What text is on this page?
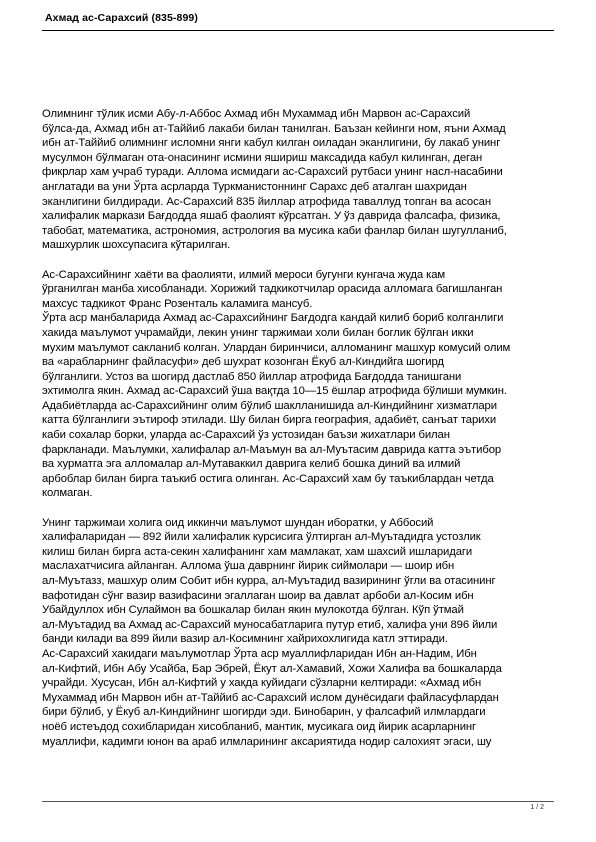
Ахмад ас-Сарахсий (835-899)
Олимнинг тўлик исми Абу-л-Аббос Ахмад ибн Мухаммад ибн Марвон ас-Сарахсий
бўлса-да, Ахмад ибн ат-Таййиб лакаби билан танилган. Баъзан кейинги ном, яъни Ахмад
ибн ат-Таййиб олимнинг исломни янги кабул килган оиладан эканлигини, бу лакаб унинг
мусулмон бўлмаган ота-онасининг исмини яшириш максадида кабул килинган, деган
фикрлар хам учраб туради. Алломa исмидаги ас-Сарахсий рутбаси унинг насл-насабини
англатади ва уни Ўрта асрларда Туркманистоннинг Сарахс деб аталган шахридан
эканлигини билдиради. Ас-Сарахсий 835 йиллар атрофида таваллуд топган ва асосан
халифалик маркази Бағдодда яшаб фаолият кўрсатган. У ўз даврида фалсафа, физика,
табобат, математика, астрономия, астрология ва мусика каби фанлар билан шугулланиб,
машхурлик шохсупасига кўтарилган.
Ас-Сарахсийнинг хаёти ва фаолияти, илмий мероси бугунги кунгача жуда кам
ўрганилган манба хисобланади. Хорижий тадкикотчилар орасида алломага багишланган
махсус тадкикот Франс Розенталь каламига мансуб.
Ўрта аср манбаларида Ахмад ас-Сарахсийнинг Бағдодга кандай килиб бориб колганлиги
хакида маълумот учрамайди, лекин унинг таржимаи холи билан боглик бўлган икки
мухим маълумот сакланиб колган. Улардан биринчиси, алломанинг машхур комусий олим
ва «арабларнинг файласуфи» деб шухрат козонган Ёкуб ал-Киндийга шогирд
бўлганлиги. Устоз ва шогирд дастлаб 850 йиллар атрофида Бағдодда танишгани
эхтимолга якин. Ахмад ас-Сарахсий ўша вақтда 10—15 ёшлар атрофида бўлиши мумкин.
Адабиётларда ас-Сарахсийнинг олим бўлиб шаклланишида ал-Киндийнинг хизматлари
катта бўлганлиги эътироф этилади. Шу билан бирга география, адабиёт, санъат тарихи
каби сохалар борки, уларда ас-Сарахсий ўз устозидан баъзи жихатлари билан
фаркланади. Маълумки, халифалар ал-Маъмун ва ал-Муътасим даврида катта эътибор
ва хурматга эга алломалар ал-Мутаваккил даврига келиб бошка диний ва илмий
арбоблар билан бирга таъкиб остига олинган. Ас-Сарахсий хам бу таъкиблардан четда
колмаган.
Унинг таржимаи холига оид иккинчи маълумот шундан иборатки, у Аббосий
халифаларидан — 892 йили халифалик курсисига ўлтирган ал-Муътадидга устозлик
килиш билан бирга аста-секин халифанинг хам мамлакат, хам шахсий ишларидаги
маслахатчисига айланган. Алломa ўша даврнинг йирик сиймолари — шоир ибн
ал-Муътазз, машхур олим Собит ибн курра, ал-Муътадид вазирининг ўгли ва отасининг
вафотидан сўнг вазир вазифасини эгаллаган шоир ва давлат арбоби ал-Косим ибн
Убайдуллох ибн Сулаймон ва бошкалар билан якин мулокотда бўлган. Кўп ўтмай
ал-Муътадид ва Ахмад ас-Сарахсий муносабатларига путур етиб, халифа уни 896 йили
банди килади ва 899 йили вазир ал-Косимнинг хайрихохлигида катл эттиради.
Ас-Сарахсий хакидаги маълумотлар Ўрта аср муаллифларидан Ибн ан-Надим, Ибн
ал-Кифтий, Ибн Абу Усайба, Бар Эбрей, Ёкут ал-Хамавий, Хожи Халифа ва бошкаларда
учрайди. Хусусан, Ибн ал-Кифтий у хакда куйидаги сўзларни келтиради: «Ахмад ибн
Мухаммад ибн Марвон ибн ат-Таййиб ас-Сарахсий ислом дунёсидаги файласуфлардан
бири бўлиб, у Ёкуб ал-Киндийнинг шогирди эди. Бинобарин, у фалсафий илмлардаги
ноёб истеъдод сохибларидан хисобланиб, мантик, мусикага оид йирик асарларнинг
муаллифи, кадимги юнон ва араб илмларининг аксариятида нодир салохият эгаси, шу
1 / 2
